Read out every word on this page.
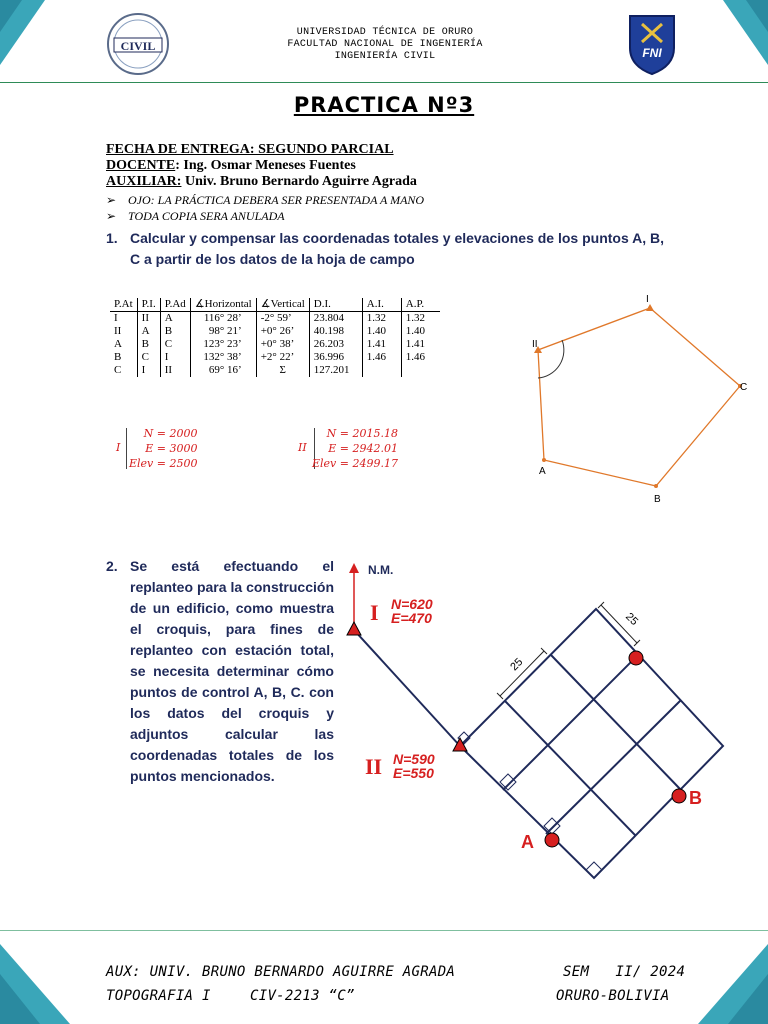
CIVIL	FNI
UNIVERSIDAD TÉCNICA DE ORURO
FACULTAD NACIONAL DE INGENIERÍA
INGENIERÍA CIVIL
PRACTICA Nº3
FECHA DE ENTREGA: SEGUNDO PARCIAL
DOCENTE: Ing. Osmar Meneses Fuentes
AUXILIAR: Univ. Bruno Bernardo Aguirre Agrada
➢ OJO: LA PRÁCTICA DEBERA SER PRESENTADA A MANO
➢ TODA COPIA SERA ANULADA
1. Calcular y compensar las coordenadas totales y elevaciones de los puntos A, B, C a partir de los datos de la hoja de campo
P.At	P.I.	P.Ad	∡Horizontal	∡Vertical	D.I.	A.I.	A.P.
I	II	A	116° 28’	-2° 59’	23.804	1.32	1.32
II	A	B	98° 21’	+0° 26’	40.198	1.40	1.40
A	B	C	123° 23’	+0° 38’	26.203	1.41	1.41
B	C	I	132° 38’	+2° 22’	36.996	1.46	1.46
C	I	II	69° 16’	Σ	127.201		
I
N = 2000
E = 3000
Elev = 2500
II
N = 2015.18
E = 2942.01
Elev = 2499.17
I
II
C
B
A
2. Se está efectuando el replanteo para la construcción de un edificio, como muestra el croquis, para fines de replanteo con estación total, se necesita determinar cómo puntos de control A, B, C. con los datos del croquis y adjuntos calcular las coordenadas totales de los puntos mencionados.
25
25
N.M.
I N=620
E=470
II N=590
E=550
B
A
AUX: UNIV. BRUNO BERNARDO AGUIRRE AGRADA	SEM   II/ 2024
TOPOGRAFIA I	CIV-2213 “C”	ORURO-BOLIVIA
